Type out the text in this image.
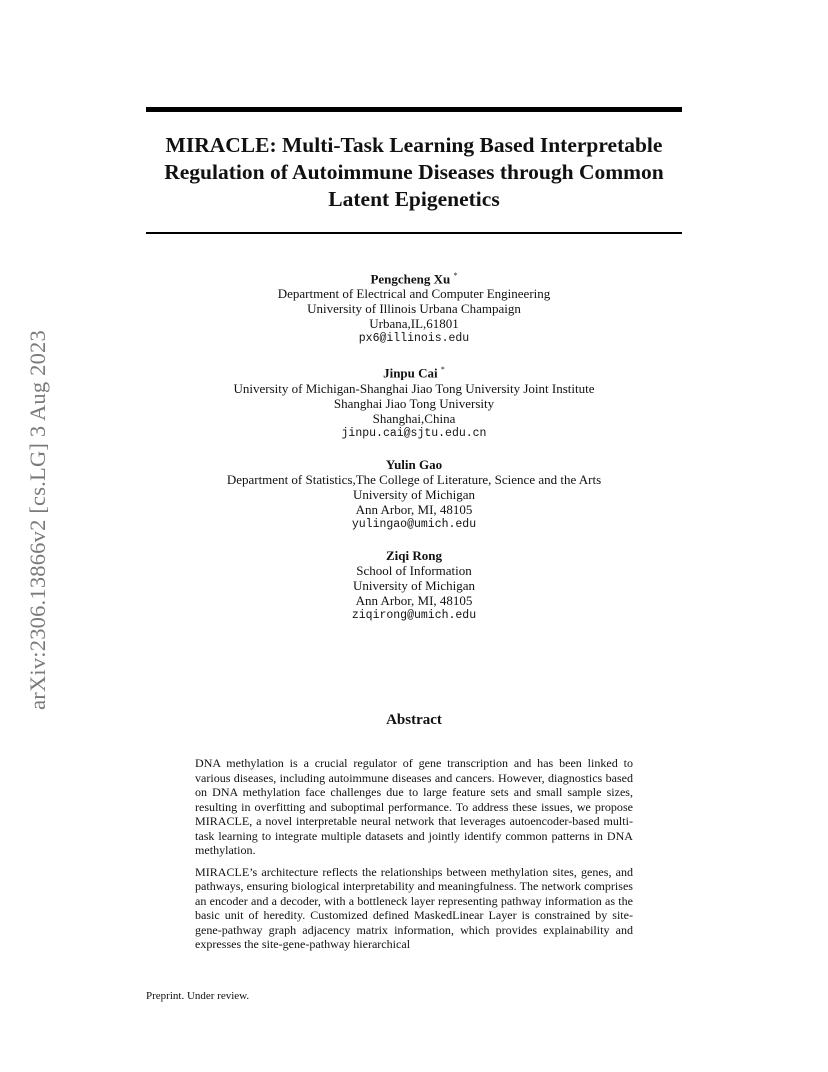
MIRACLE: Multi-Task Learning Based Interpretable
Regulation of Autoimmune Diseases through Common
Latent Epigenetics
arXiv:2306.13866v2 [cs.LG] 3 Aug 2023
Pengcheng Xu *
Department of Electrical and Computer Engineering
University of Illinois Urbana Champaign
Urbana,IL,61801
px6@illinois.edu
Jinpu Cai *
University of Michigan-Shanghai Jiao Tong University Joint Institute
Shanghai Jiao Tong University
Shanghai,China
jinpu.cai@sjtu.edu.cn
Yulin Gao
Department of Statistics,The College of Literature, Science and the Arts
University of Michigan
Ann Arbor, MI, 48105
yulingao@umich.edu
Ziqi Rong
School of Information
University of Michigan
Ann Arbor, MI, 48105
ziqirong@umich.edu
Abstract

DNA methylation is a crucial regulator of gene transcription and has been linked to various diseases, including autoimmune diseases and cancers. However, diagnostics based on DNA methylation face challenges due to large feature sets and small sample sizes, resulting in overfitting and suboptimal performance. To address these issues, we propose MIRACLE, a novel interpretable neural network that leverages autoencoder-based multi-task learning to integrate multiple datasets and jointly identify common patterns in DNA methylation.

MIRACLE’s architecture reflects the relationships between methylation sites, genes, and pathways, ensuring biological interpretability and meaningfulness. The network comprises an encoder and a decoder, with a bottleneck layer representing pathway information as the basic unit of heredity. Customized defined MaskedLinear Layer is constrained by site-gene-pathway graph adjacency matrix information, which provides explainability and expresses the site-gene-pathway hierarchical

Preprint. Under review.
